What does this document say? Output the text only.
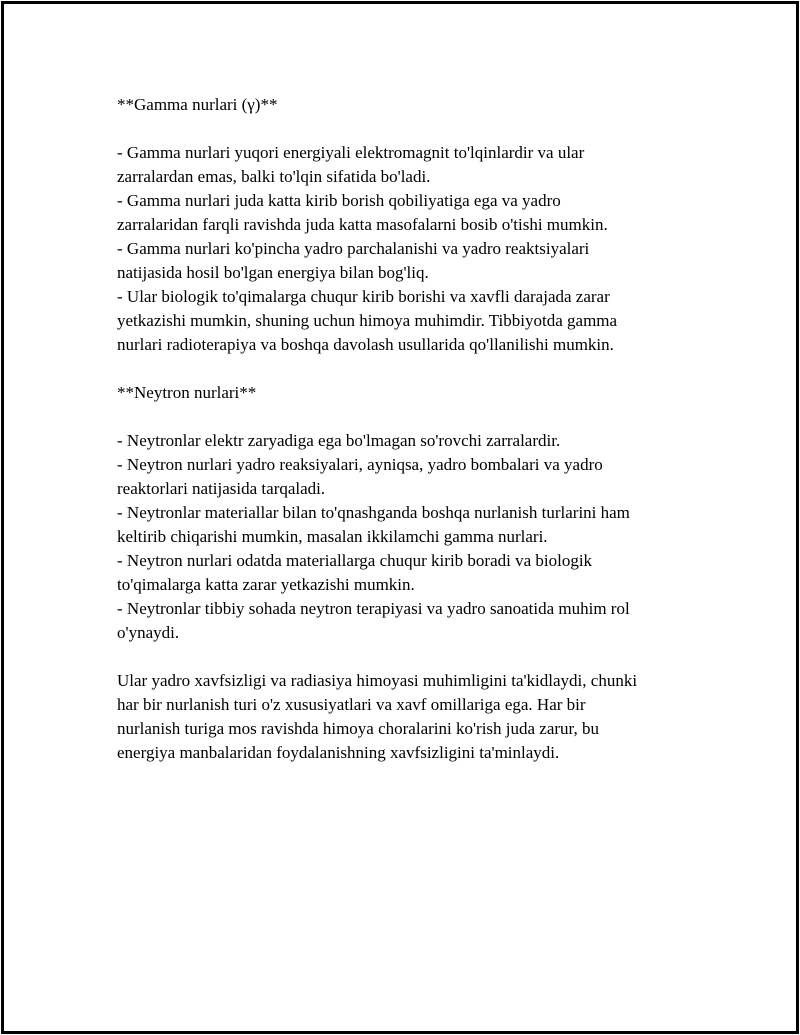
**Gamma nurlari (γ)**
- Gamma nurlari yuqori energiyali elektromagnit to'lqinlardir va ular
zarralardan emas, balki to'lqin sifatida bo'ladi.
- Gamma nurlari juda katta kirib borish qobiliyatiga ega va yadro
zarralaridan farqli ravishda juda katta masofalarni bosib o'tishi mumkin.
- Gamma nurlari ko'pincha yadro parchalanishi va yadro reaktsiyalari
natijasida hosil bo'lgan energiya bilan bog'liq.
- Ular biologik to'qimalarga chuqur kirib borishi va xavfli darajada zarar
yetkazishi mumkin, shuning uchun himoya muhimdir. Tibbiyotda gamma
nurlari radioterapiya va boshqa davolash usullarida qo'llanilishi mumkin.
**Neytron nurlari**
- Neytronlar elektr zaryadiga ega bo'lmagan so'rovchi zarralardir.
- Neytron nurlari yadro reaksiyalari, ayniqsa, yadro bombalari va yadro
reaktorlari natijasida tarqaladi.
- Neytronlar materiallar bilan to'qnashganda boshqa nurlanish turlarini ham
keltirib chiqarishi mumkin, masalan ikkilamchi gamma nurlari.
- Neytron nurlari odatda materiallarga chuqur kirib boradi va biologik
to'qimalarga katta zarar yetkazishi mumkin.
- Neytronlar tibbiy sohada neytron terapiyasi va yadro sanoatida muhim rol
o'ynaydi.
Ular yadro xavfsizligi va radiasiya himoyasi muhimligini ta'kidlaydi, chunki
har bir nurlanish turi o'z xususiyatlari va xavf omillariga ega. Har bir
nurlanish turiga mos ravishda himoya choralarini ko'rish juda zarur, bu
energiya manbalaridan foydalanishning xavfsizligini ta'minlaydi.
